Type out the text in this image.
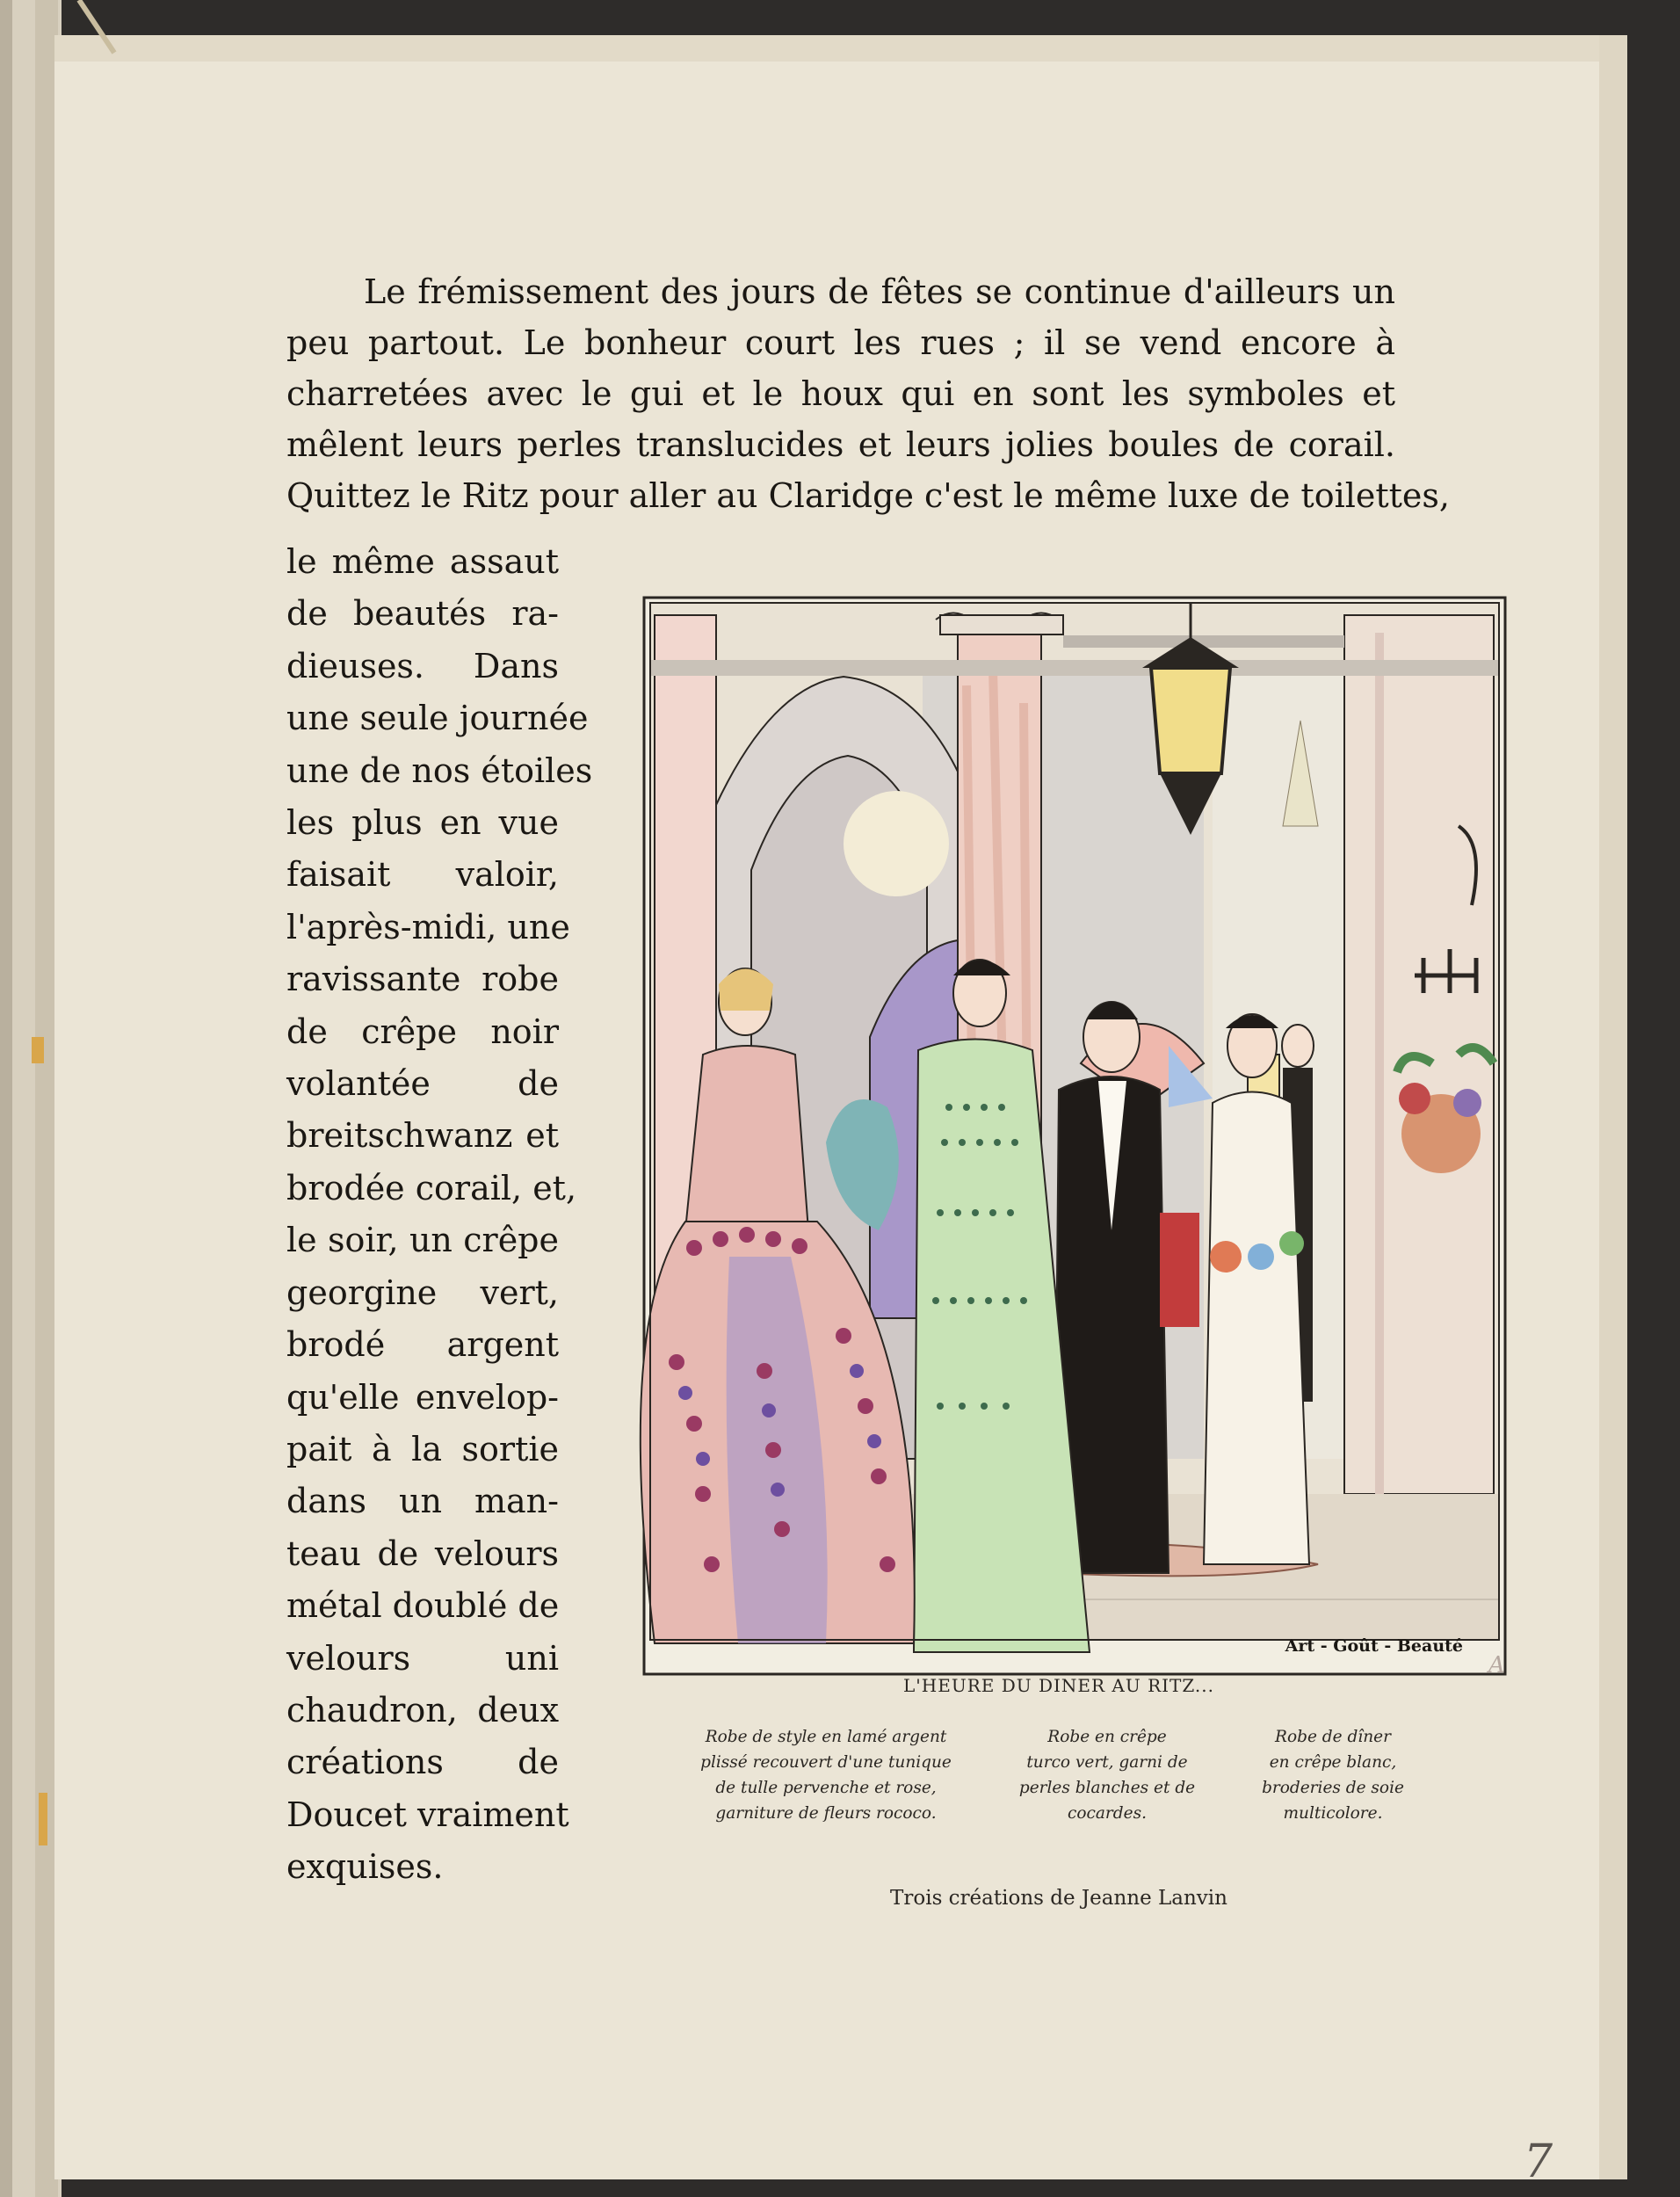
Le frémissement des jours de fêtes se continue d'ailleurs un
peu partout. Le bonheur court les rues ; il se vend encore à
charretées avec le gui et le houx qui en sont les symboles et
mêlent leurs perles translucides et leurs jolies boules de corail.
Quittez le Ritz pour aller au Claridge c'est le même luxe de toilettes,
le même assaut
de beautés ra-
dieuses. Dans
une seule journée
une de nos étoiles
les plus en vue
faisait valoir,
l'après-midi, une
ravissante robe
de crêpe noir
volantée de
breitschwanz et
brodée corail, et,
le soir, un crêpe
georgine vert,
brodé argent
qu'elle envelop-
pait à la sortie
dans un man-
teau de velours
métal doublé de
velours uni
chaudron, deux
créations de
Doucet vraiment
exquises.
Art - Goût - Beauté
A
L'HEURE DU DINER AU RITZ...
Robe de style en lamé argent
plissé recouvert d'une tunique
de tulle pervenche et rose,
garniture de fleurs rococo.
Robe en crêpe
turco vert, garni de
perles blanches et de
cocardes.
Robe de dîner
en crêpe blanc,
broderies de soie
multicolore.
Trois créations de Jeanne Lanvin
7
